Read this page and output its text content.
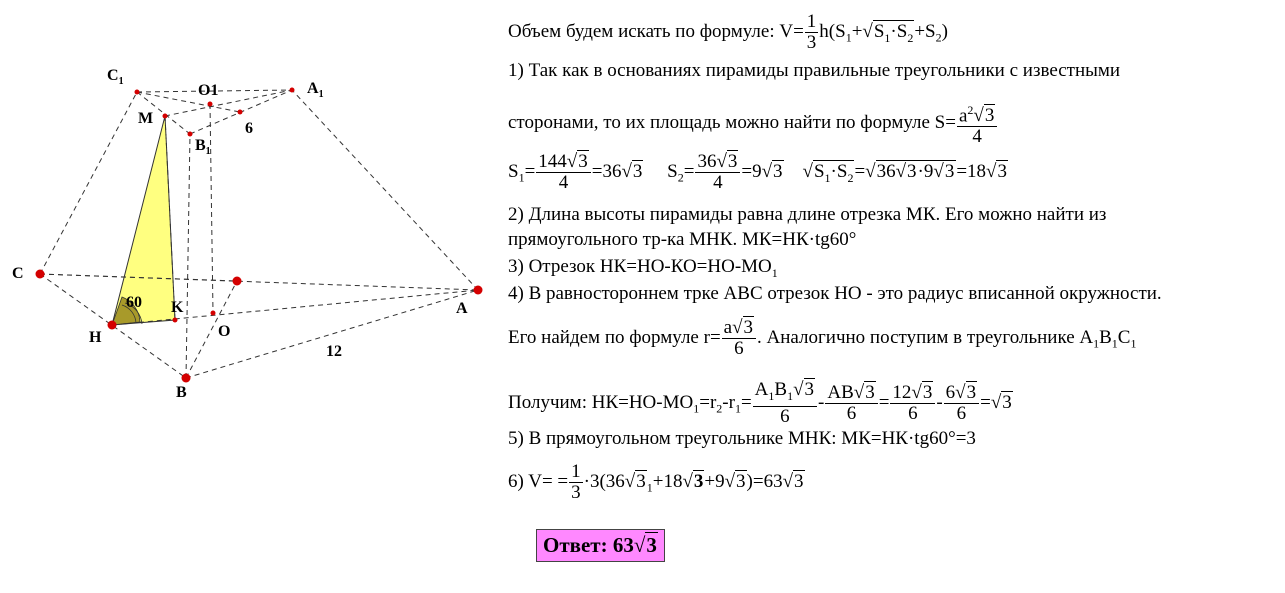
$C_1$
O1	$A_1$
M
$B_1$
6
C
A
60 K
H	O
12
B
Объем будем искать по формуле: $V= \frac{1}{3} h(S_1+√$ $S_1\cdot S_2+S_2$)
1) Так как в основаниях пирамиды правильные треугольники с известными
сторонами, то их площадь можно найти по формуле $S= \frac{a^2√ 3}{4}$
$S_1= \frac{144√ 3}{4} =36√$ 3     $S_2= \frac{36√ 3}{4} =9√$ 3    √ $S_1\cdot S_2=√$ 36√ 3·9√ 3 =18√ 3
2) Длина высоты пирамиды равна длине отрезка МК. Его можно найти из
прямоугольного тр-ка МНК. МК=НК·tg60°
3) Отрезок $НК=НО-КО=НО-МО_1$
4) В равностороннем трке АВС отрезок НО - это радиус вписанной окружности.
Его найдем по формуле $r= \frac{a√ 3}{6}$ . Аналогично поступим в треугольнике $A_1B_1C_1$
Получим: $НК=НО-МО_1=r_2-r_1= \frac{A_1B_1√ 3}{6} - \frac{AB√ 3}{6} = \frac{12√ 3}{6} - \frac{6√ 3}{6}$ =√ 3
5) В прямоугольном треугольнике МНК: МК=НК·tg60°=3
6) $V= = \frac{1}{3} \cdot 3(36√$ $3_1+18√$ 3+9√ 3)=63√ 3
Ответ: 63√ 3
